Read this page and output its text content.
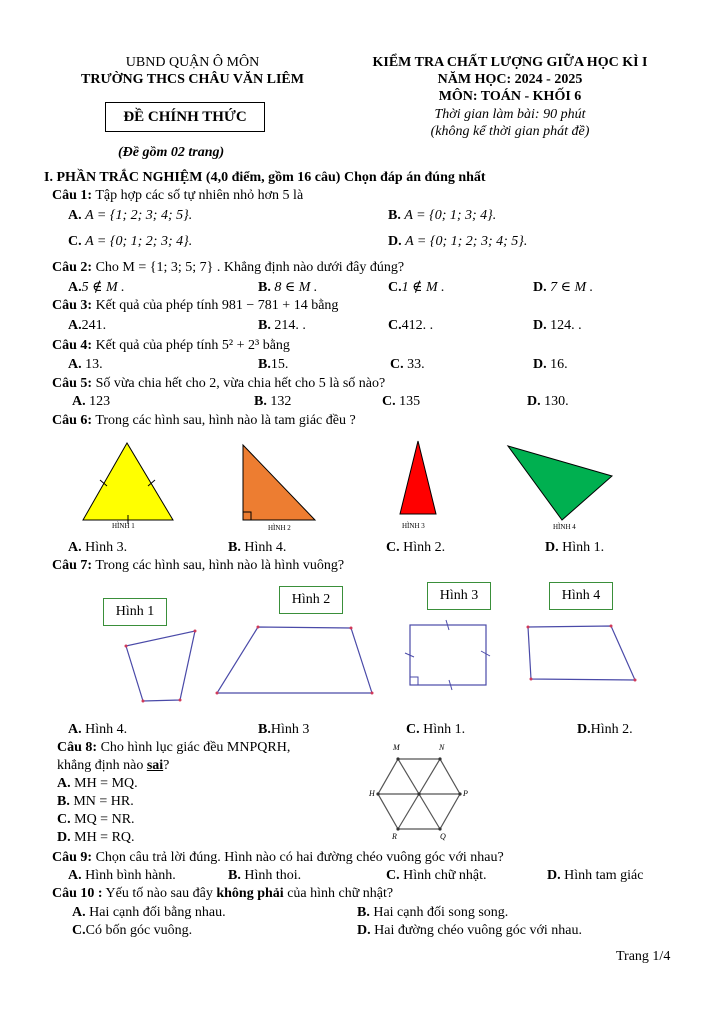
UBND QUẬN Ô MÔN
TRƯỜNG THCS CHÂU VĂN LIÊM
ĐỀ CHÍNH THỨC
(Đề gồm 02 trang)
KIỂM TRA CHẤT LƯỢNG GIỮA HỌC KÌ I
NĂM HỌC: 2024 - 2025
MÔN: TOÁN - KHỐI 6
Thời gian làm bài: 90 phút
(không kể thời gian phát đề)
I. PHẦN TRẮC NGHIỆM (4,0 điểm, gồm 16 câu) Chọn đáp án đúng nhất
Câu 1: Tập hợp các số tự nhiên nhỏ hơn 5 là
A. A = {1; 2; 3; 4; 5}.	B. A = {0; 1; 3; 4}.
C. A = {0; 1; 2; 3; 4}.	D. A = {0; 1; 2; 3; 4; 5}.
Câu 2: Cho M = {1; 3; 5; 7} . Khẳng định nào dưới đây đúng?
A.5 ∉ M .	B. 8 ∈ M .	C.1 ∉ M .	D. 7 ∈ M .
Câu 3: Kết quả của phép tính 981 − 781 + 14 bằng
A.241.	B. 214. .	C.412. .	D. 124. .
Câu 4: Kết quả của phép tính 5² + 2³ bằng
A. 13.	B.15.	C. 33.	D. 16.
Câu 5: Số vừa chia hết cho 2, vừa chia hết cho 5 là số nào?
A. 123	B. 132	C. 135	D. 130.
Câu 6: Trong các hình sau, hình nào là tam giác đều ?
HÌNH 1	HÌNH 2	HÌNH 3	HÌNH 4
A. Hình 3.	B. Hình 4.	C. Hình 2.	D. Hình 1.
Câu 7: Trong các hình sau, hình nào là hình vuông?
Hình 1
Hình 2	Hình 3	Hình 4
A. Hình 4.	B.Hình 3	C. Hình 1.	D.Hình 2.
Câu 8: Cho hình lục giác đều MNPQRH,
khẳng định nào sai?
A. MH = MQ.
B. MN = HR.
C. MQ = NR.
D. MH = RQ.
M	N
P
Q
R
H
Câu 9: Chọn câu trả lời đúng. Hình nào có hai đường chéo vuông góc với nhau?
A. Hình bình hành.	B. Hình thoi.	C. Hình chữ nhật.	D. Hình tam giác
Câu 10 : Yếu tố nào sau đây không phải của hình chữ nhật?
A. Hai cạnh đối bằng nhau.	B. Hai cạnh đối song song.
C.Có bốn góc vuông.	D. Hai đường chéo vuông góc với nhau.
Trang 1/4
